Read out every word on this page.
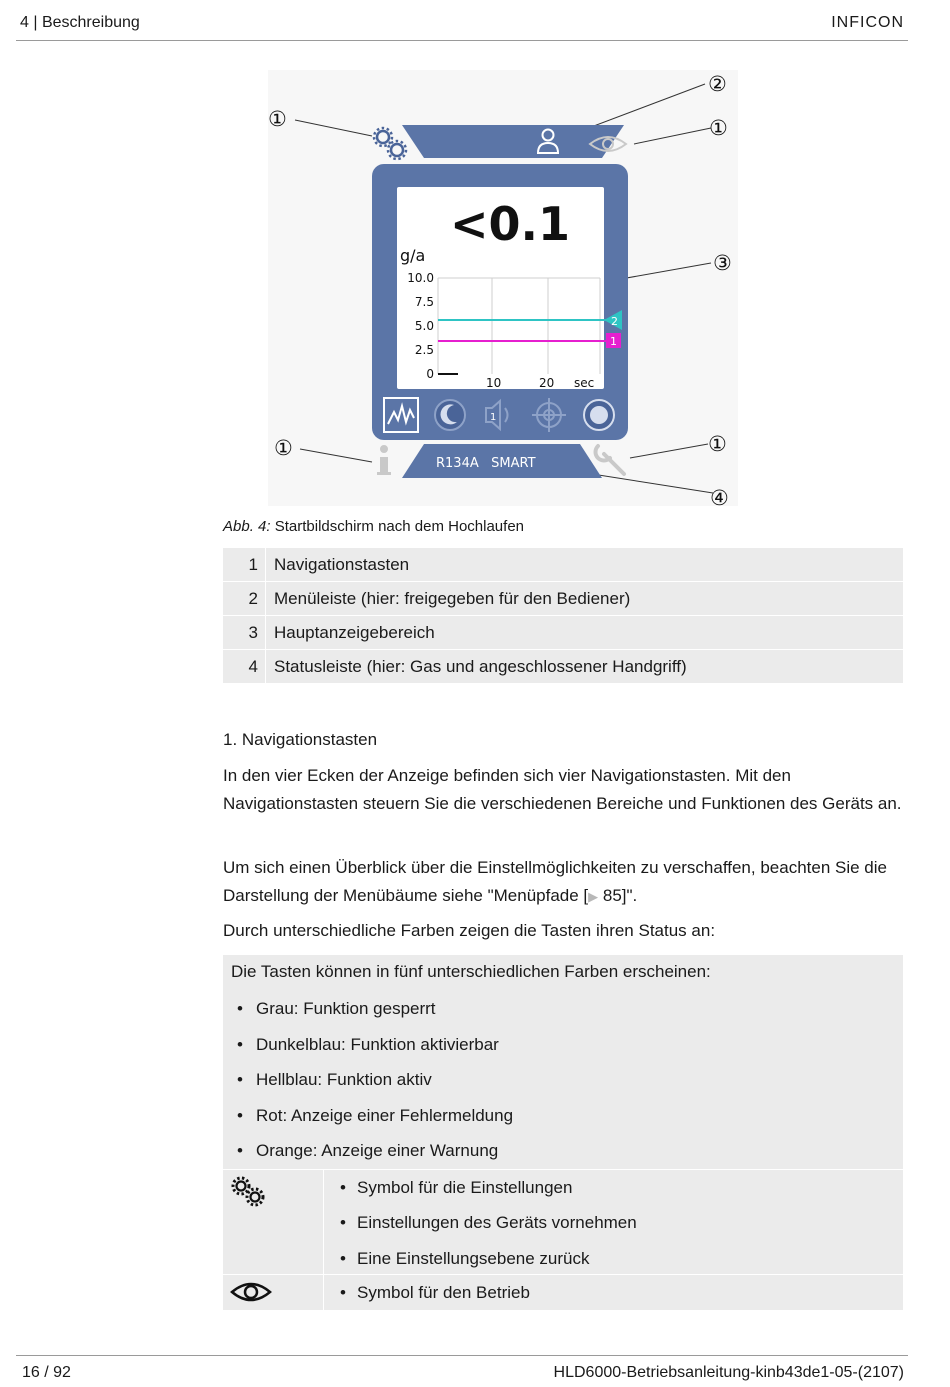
4 | Beschreibung	INFICON
①
②
①
③
①	①
④
<0.1
g/a
10.0
7.5
5.0
2.5
0
10	20 sec
2
1
1
R134A   SMART
Abb. 4: Startbildschirm nach dem Hochlaufen
1	Navigationstasten
2	Menüleiste (hier: freigegeben für den Bediener)
3	Hauptanzeigebereich
4	Statusleiste (hier: Gas und angeschlossener Handgriff)
1. Navigationstasten
In den vier Ecken der Anzeige befinden sich vier Navigationstasten. Mit den Navigationstasten steuern Sie die verschiedenen Bereiche und Funktionen des Geräts an.
Um sich einen Überblick über die Einstellmöglichkeiten zu verschaffen, beachten Sie die Darstellung der Menübäume siehe "Menüpfade [▶ 85]".
Durch unterschiedliche Farben zeigen die Tasten ihren Status an:
Die Tasten können in fünf unterschiedlichen Farben erscheinen:
• Grau: Funktion gesperrt
• Dunkelblau: Funktion aktivierbar
• Hellblau: Funktion aktiv
• Rot: Anzeige einer Fehlermeldung
• Orange: Anzeige einer Warnung
• Symbol für die Einstellungen
• Einstellungen des Geräts vornehmen
• Eine Einstellungsebene zurück
• Symbol für den Betrieb
16 / 92	HLD6000-Betriebsanleitung-kinb43de1-05-(2107)
